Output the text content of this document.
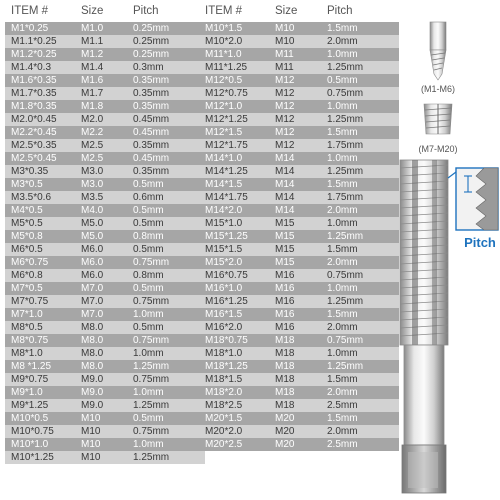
ITEM #	Size	Pitch
M1*0.25	M1.0	0.25mm
M1.1*0.25	M1.1	0.25mm
M1.2*0.25	M1.2	0.25mm
M1.4*0.3	M1.4	0.3mm
M1.6*0.35	M1.6	0.35mm
M1.7*0.35	M1.7	0.35mm
M1.8*0.35	M1.8	0.35mm
M2.0*0.45	M2.0	0.45mm
M2.2*0.45	M2.2	0.45mm
M2.5*0.35	M2.5	0.35mm
M2.5*0.45	M2.5	0.45mm
M3*0.35	M3.0	0.35mm
M3*0.5	M3.0	0.5mm
M3.5*0.6	M3.5	0.6mm
M4*0.5	M4.0	0.5mm
M5*0.5	M5.0	0.5mm
M5*0.8	M5.0	0.8mm
M6*0.5	M6.0	0.5mm
M6*0.75	M6.0	0.75mm
M6*0.8	M6.0	0.8mm
M7*0.5	M7.0	0.5mm
M7*0.75	M7.0	0.75mm
M7*1.0	M7.0	1.0mm
M8*0.5	M8.0	0.5mm
M8*0.75	M8.0	0.75mm
M8*1.0	M8.0	1.0mm
M8 *1.25	M8.0	1.25mm
M9*0.75	M9.0	0.75mm
M9*1.0	M9.0	1.0mm
M9*1.25	M9.0	1.25mm
M10*0.5	M10	0.5mm
M10*0.75	M10	0.75mm
M10*1.0	M10	1.0mm
M10*1.25	M10	1.25mm
ITEM #	Size	Pitch
M10*1.5	M10	1.5mm
M10*2.0	M10	2.0mm
M11*1.0	M11	1.0mm
M11*1.25	M11	1.25mm
M12*0.5	M12	0.5mm
M12*0.75	M12	0.75mm
M12*1.0	M12	1.0mm
M12*1.25	M12	1.25mm
M12*1.5	M12	1.5mm
M12*1.75	M12	1.75mm
M14*1.0	M14	1.0mm
M14*1.25	M14	1.25mm
M14*1.5	M14	1.5mm
M14*1.75	M14	1.75mm
M14*2.0	M14	2.0mm
M15*1.0	M15	1.0mm
M15*1.25	M15	1.25mm
M15*1.5	M15	1.5mm
M15*2.0	M15	2.0mm
M16*0.75	M16	0.75mm
M16*1.0	M16	1.0mm
M16*1.25	M16	1.25mm
M16*1.5	M16	1.5mm
M16*2.0	M16	2.0mm
M18*0.75	M18	0.75mm
M18*1.0	M18	1.0mm
M18*1.25	M18	1.25mm
M18*1.5	M18	1.5mm
M18*2.0	M18	2.0mm
M18*2.5	M18	2.5mm
M20*1.5	M20	1.5mm
M20*2.0	M20	2.0mm
M20*2.5	M20	2.5mm
(M1-M6)
(M7-M20)
Pitch
